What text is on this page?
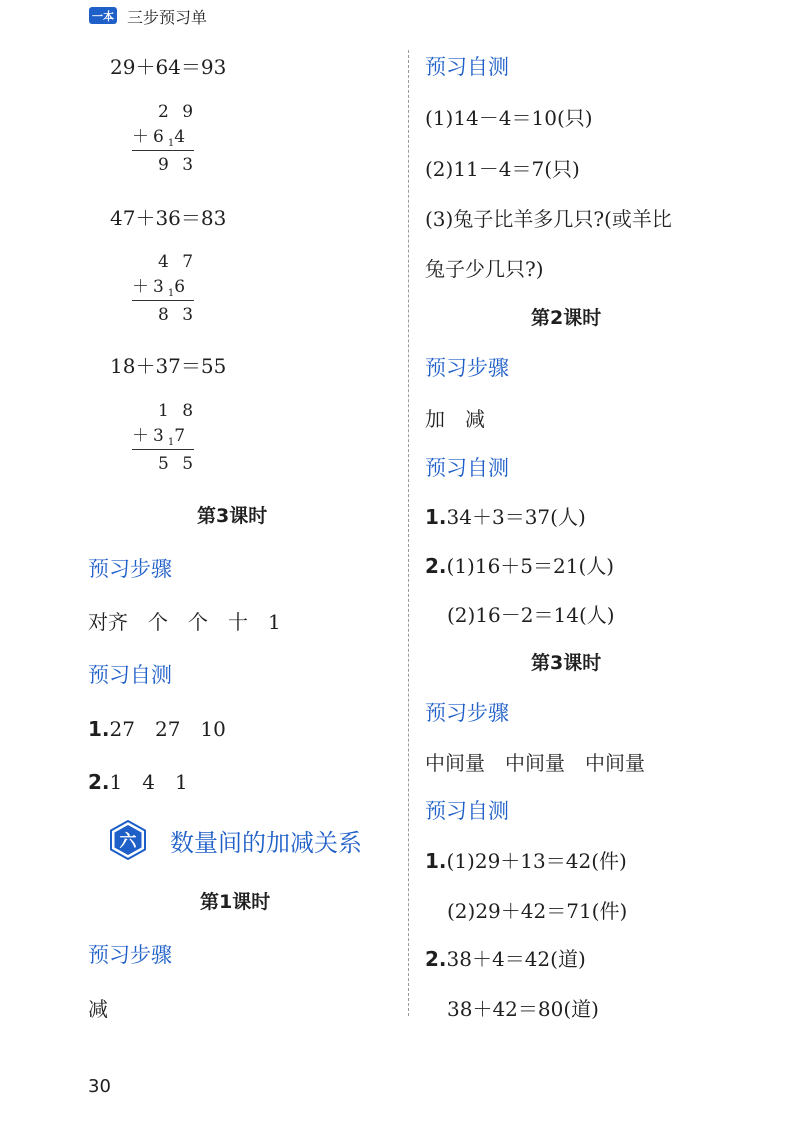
一本 三步预习单
29＋64＝93
2 9
$+6_14$
9 3
47＋36＝83
4 7
$+3_16$
8 3
18＋37＝55
1 8
$+3_17$
5 5
第3课时
预习步骤
对齐　个　个　十　1
预习自测
1.27　27　10
2.1　4　1
六 数量间的加减关系
第1课时
预习步骤
减
预习自测
(1)14－4＝10(只)
(2)11－4＝7(只)
(3)兔子比羊多几只?(或羊比
兔子少几只?)
第2课时
预习步骤
加　减
预习自测
1.34＋3＝37(人)
2.(1)16＋5＝21(人)
(2)16－2＝14(人)
第3课时
预习步骤
中间量　中间量　中间量
预习自测
1.(1)29＋13＝42(件)
(2)29＋42＝71(件)
2.38＋4＝42(道)
38＋42＝80(道)
30
